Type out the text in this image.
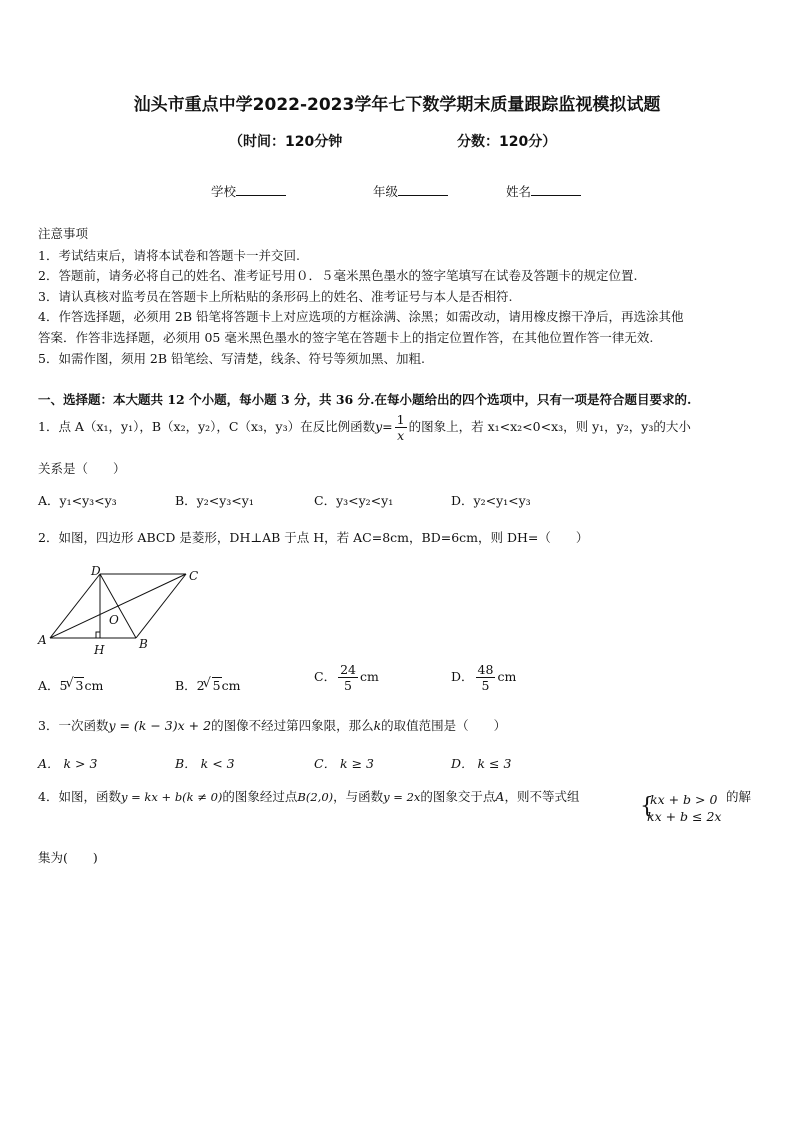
汕头市重点中学2022-2023学年七下数学期末质量跟踪监视模拟试题
（时间：120分钟	分数：120分）
学校	年级	姓名
注意事项
1．考试结束后，请将本试卷和答题卡一并交回.
2．答题前，请务必将自己的姓名、准考证号用０．５毫米黑色墨水的签字笔填写在试卷及答题卡的规定位置.
3．请认真核对监考员在答题卡上所粘贴的条形码上的姓名、准考证号与本人是否相符.
4．作答选择题，必须用 2B 铅笔将答题卡上对应选项的方框涂满、涂黑；如需改动，请用橡皮擦干净后，再选涂其他
答案．作答非选择题，必须用 05 毫米黑色墨水的签字笔在答题卡上的指定位置作答，在其他位置作答一律无效.
5．如需作图，须用 2B 铅笔绘、写清楚，线条、符号等须加黑、加粗.
一、选择题：本大题共 12 个小题，每小题 3 分，共 36 分.在每小题给出的四个选项中，只有一项是符合题目要求的.
1．点 A（x₁，y₁），B（x₂，y₂），C（x₃，y₃）在反比例函数$y= \frac{1}{x}$ 的图象上，若 x₁<x₂<0<x₃，则 y₁，y₂，y₃的大小
关系是（　　）
A．y₁<y₃<y₃	B．y₂<y₃<y₁	C．y₃<y₂<y₁	D．y₂<y₁<y₃
2．如图，四边形 ABCD 是菱形，DH⊥AB 于点 H，若 AC=8cm，BD=6cm，则 DH=（　　）
A	B
C
D
H
O
A．5 √ 3cm	B．2 √ 5cm
C． $\frac{24}{5}$ cm	D． $\frac{48}{5}$ cm
3．一次函数y = (k − 3)x + 2的图像不经过第四象限，那么k的取值范围是（　　）
A． k > 3	B． k < 3	C． k ≥ 3	D． k ≤ 3
4．如图，函数y = kx + b(k ≠ 0)的图象经过点B(2,0)，与函数y = 2x的图象交于点A，则不等式组	{
kx + b > 0
kx + b ≤ 2x
的解
集为(　　)
